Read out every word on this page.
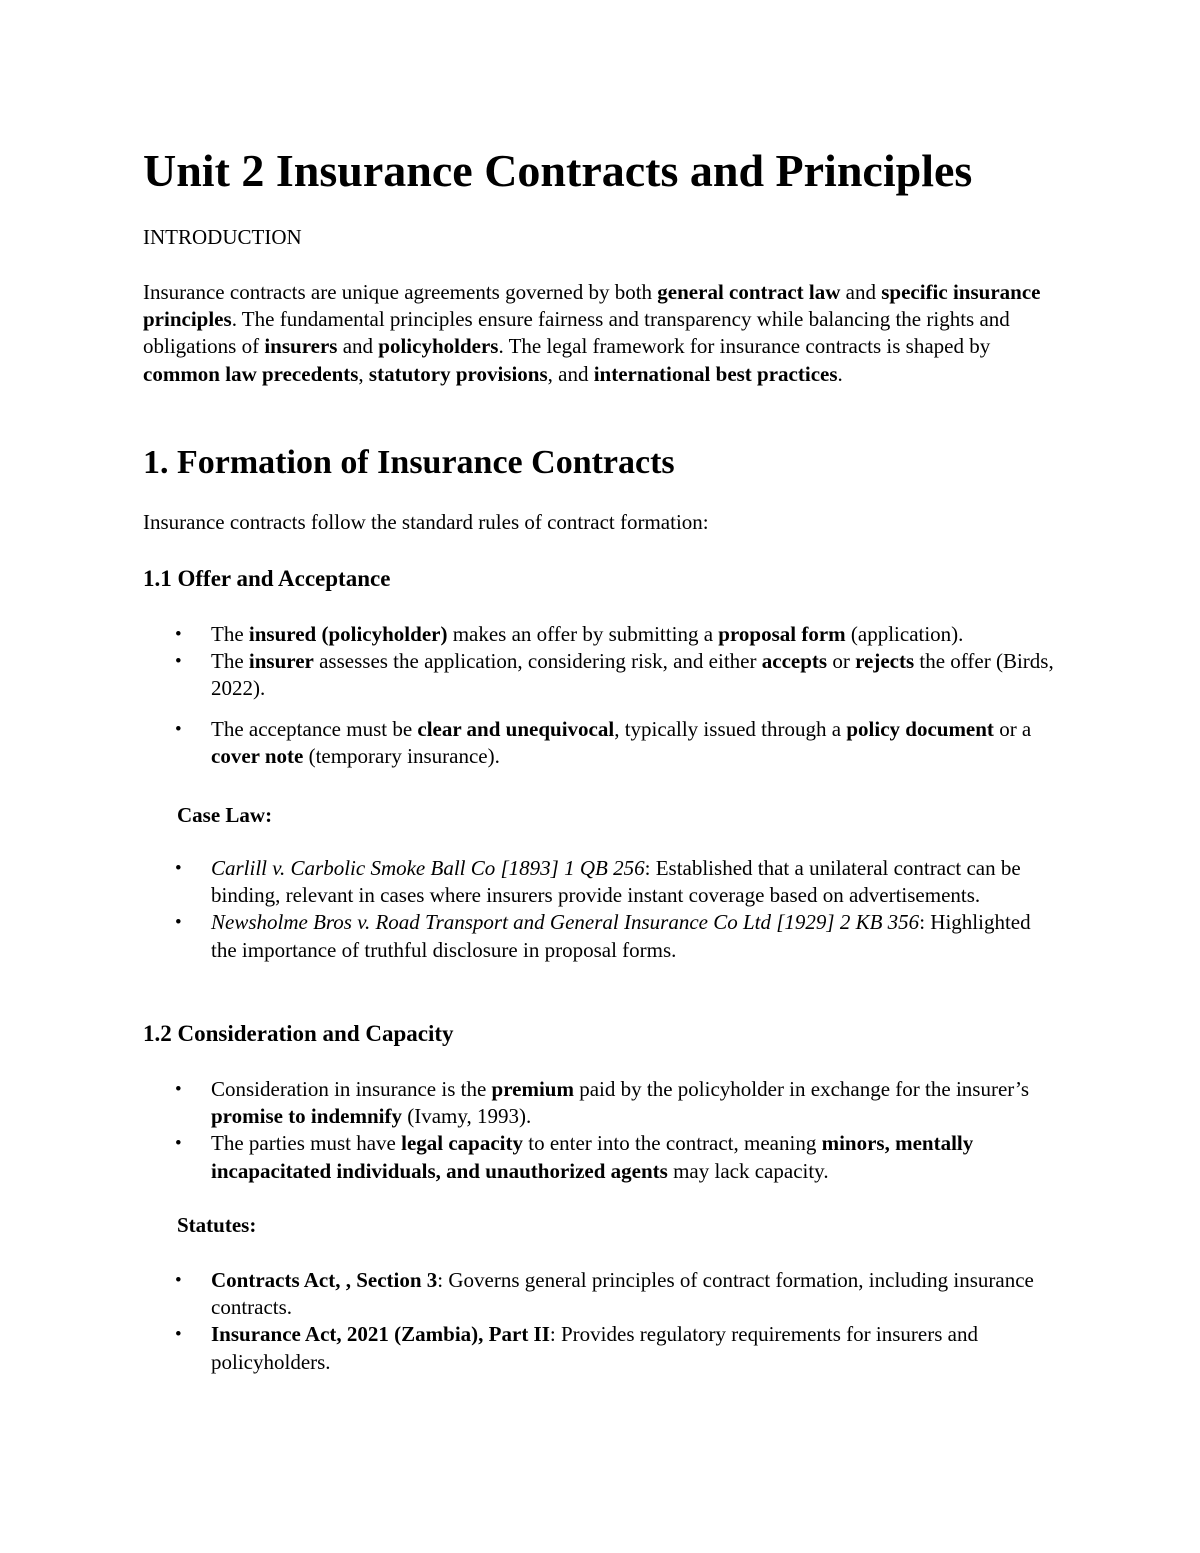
Unit 2 Insurance Contracts and Principles

INTRODUCTION

Insurance contracts are unique agreements governed by both general contract law and specific insurance principles. The fundamental principles ensure fairness and transparency while balancing the rights and obligations of insurers and policyholders. The legal framework for insurance contracts is shaped by common law precedents, statutory provisions, and international best practices.

1. Formation of Insurance Contracts

Insurance contracts follow the standard rules of contract formation:

1.1 Offer and Acceptance
• The insured (policyholder) makes an offer by submitting a proposal form (application).
• The insurer assesses the application, considering risk, and either accepts or rejects the offer (Birds, 2022).
• The acceptance must be clear and unequivocal, typically issued through a policy document or a cover note (temporary insurance).

Case Law:

• Carlill v. Carbolic Smoke Ball Co [1893] 1 QB 256: Established that a unilateral contract can be binding, relevant in cases where insurers provide instant coverage based on advertisements.
• Newsholme Bros v. Road Transport and General Insurance Co Ltd [1929] 2 KB 356: Highlighted the importance of truthful disclosure in proposal forms.
1.2 Consideration and Capacity
• Consideration in insurance is the premium paid by the policyholder in exchange for the insurer’s promise to indemnify (Ivamy, 1993).
• The parties must have legal capacity to enter into the contract, meaning minors, mentally incapacitated individuals, and unauthorized agents may lack capacity.

Statutes:

• Contracts Act, , Section 3: Governs general principles of contract formation, including insurance contracts.
• Insurance Act, 2021 (Zambia), Part II: Provides regulatory requirements for insurers and policyholders.
